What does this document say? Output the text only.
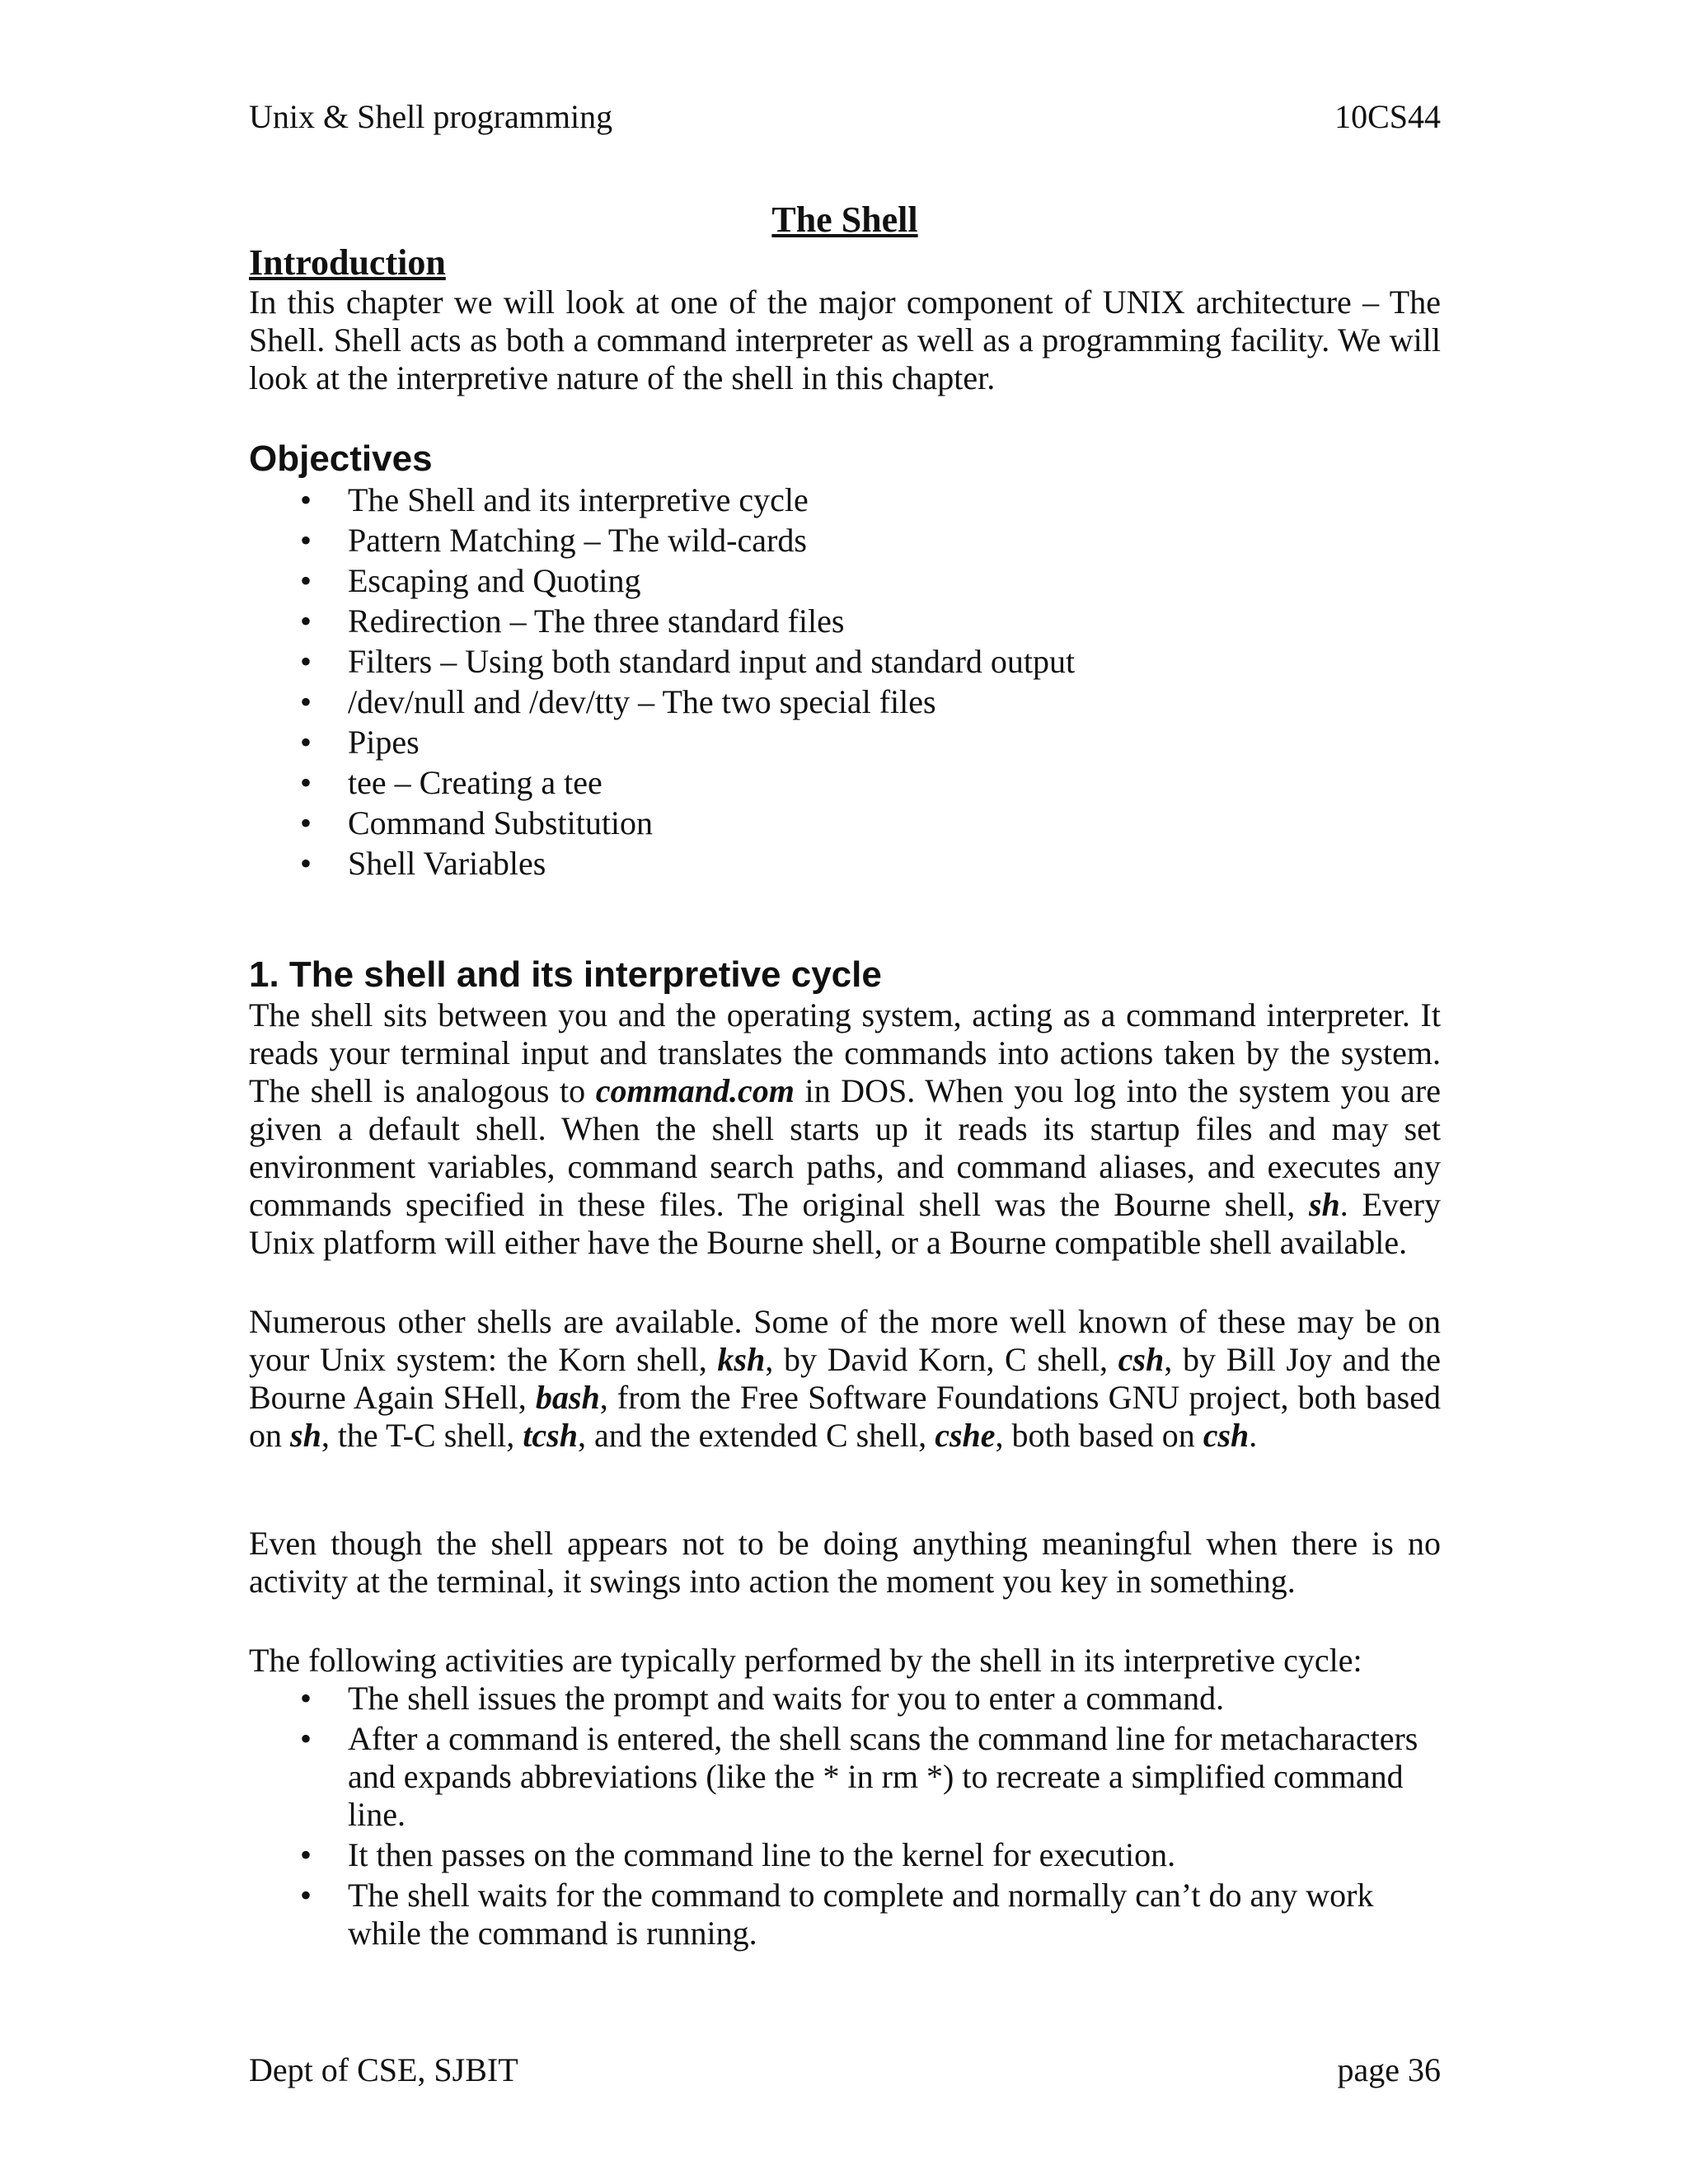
Unix & Shell programming	10CS44
The Shell
Introduction

In this chapter we will look at one of the major component of UNIX architecture – The Shell. Shell acts as both a command interpreter as well as a programming facility. We will look at the interpretive nature of the shell in this chapter.

Objectives
• The Shell and its interpretive cycle
• Pattern Matching – The wild-cards
• Escaping and Quoting
• Redirection – The three standard files
• Filters – Using both standard input and standard output
• /dev/null and /dev/tty – The two special files
• Pipes
• tee – Creating a tee
• Command Substitution
• Shell Variables
1. The shell and its interpretive cycle

The shell sits between you and the operating system, acting as a command interpreter. It reads your terminal input and translates the commands into actions taken by the system. The shell is analogous to command.com in DOS. When you log into the system you are given a default shell. When the shell starts up it reads its startup files and may set environment variables, command search paths, and command aliases, and executes any commands specified in these files. The original shell was the Bourne shell, sh. Every Unix platform will either have the Bourne shell, or a Bourne compatible shell available.

Numerous other shells are available. Some of the more well known of these may be on your Unix system: the Korn shell, ksh, by David Korn, C shell, csh, by Bill Joy and the Bourne Again SHell, bash, from the Free Software Foundations GNU project, both based on sh, the T-C shell, tcsh, and the extended C shell, cshe, both based on csh.

Even though the shell appears not to be doing anything meaningful when there is no activity at the terminal, it swings into action the moment you key in something.

The following activities are typically performed by the shell in its interpretive cycle:

• The shell issues the prompt and waits for you to enter a command.
• After a command is entered, the shell scans the command line for metacharacters and expands abbreviations (like the * in rm *) to recreate a simplified command line.
• It then passes on the command line to the kernel for execution.
• The shell waits for the command to complete and normally can’t do any work while the command is running.
Dept of CSE, SJBIT	page 36
